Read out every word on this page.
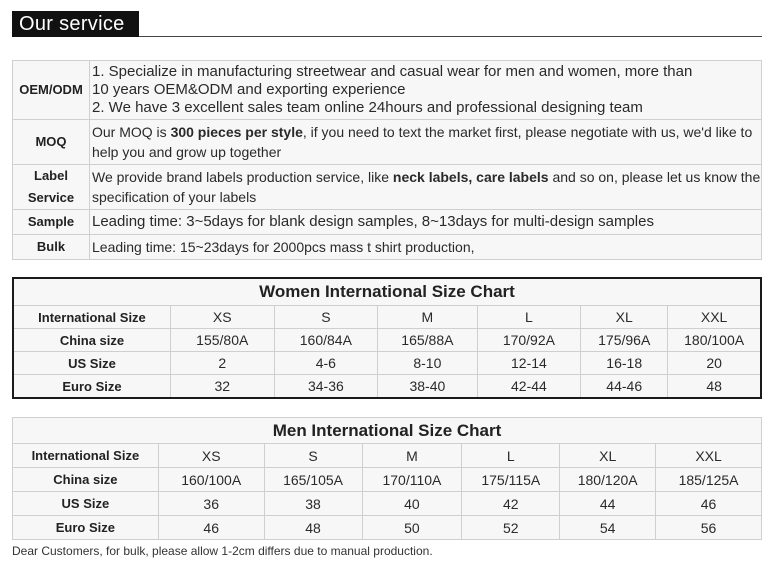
Our service
OEM/ODM	1. Specialize in manufacturing streetwear and casual wear for men and women, more than

10 years OEM&ODM and exporting experience

2. We have 3 excellent sales team online 24hours and professional designing team

MOQ	Our MOQ is 300 pieces per style, if you need to text the market first, please negotiate with us, we'd like to help you and grow up together

Label
Service	We provide brand labels production service, like neck labels, care labels and so on, please let us know the specification of your labels
Sample	Leading time: 3~5days for blank design samples, 8~13days for multi-design samples
Bulk	Leading time: 15~23days for 2000pcs mass t shirt production,
Women International Size Chart						
International Size	XS	S	M	L	XL	XXL
China size	155/80A	160/84A	165/88A	170/92A	175/96A	180/100A
US Size	2	4-6	8-10	12-14	16-18	20
Euro Size	32	34-36	38-40	42-44	44-46	48
Men International Size Chart						
International Size	XS	S	M	L	XL	XXL
China size	160/100A	165/105A	170/110A	175/115A	180/120A	185/125A
US Size	36	38	40	42	44	46
Euro Size	46	48	50	52	54	56
Dear Customers, for bulk, please allow 1-2cm differs due to manual production.
